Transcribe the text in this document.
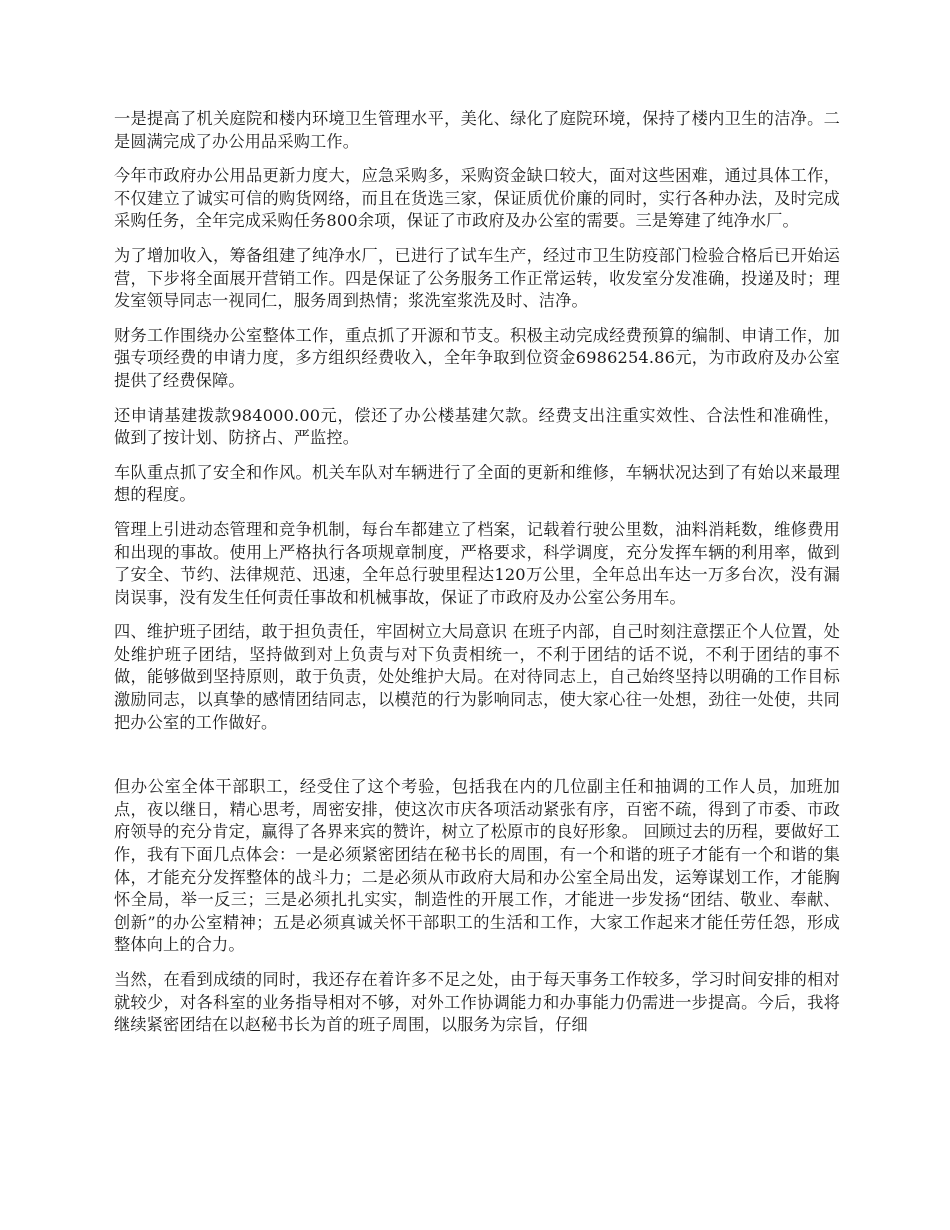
一是提高了机关庭院和楼内环境卫生管理水平，美化、绿化了庭院环境，保持了楼内卫生的洁净。二是圆满完成了办公用品采购工作。

今年市政府办公用品更新力度大，应急采购多，采购资金缺口较大，面对这些困难，通过具体工作，不仅建立了诚实可信的购货网络，而且在货选三家，保证质优价廉的同时，实行各种办法，及时完成采购任务，全年完成采购任务800余项，保证了市政府及办公室的需要。三是筹建了纯净水厂。

为了增加收入，筹备组建了纯净水厂，已进行了试车生产，经过市卫生防疫部门检验合格后已开始运营，下步将全面展开营销工作。四是保证了公务服务工作正常运转，收发室分发准确，投递及时；理发室领导同志一视同仁，服务周到热情；浆洗室浆洗及时、洁净。

财务工作围绕办公室整体工作，重点抓了开源和节支。积极主动完成经费预算的编制、申请工作，加强专项经费的申请力度，多方组织经费收入，全年争取到位资金6986254.86元，为市政府及办公室提供了经费保障。

还申请基建拨款984000.00元，偿还了办公楼基建欠款。经费支出注重实效性、合法性和准确性，做到了按计划、防挤占、严监控。

车队重点抓了安全和作风。机关车队对车辆进行了全面的更新和维修，车辆状况达到了有始以来最理想的程度。

管理上引进动态管理和竞争机制，每台车都建立了档案，记载着行驶公里数，油料消耗数，维修费用和出现的事故。使用上严格执行各项规章制度，严格要求，科学调度，充分发挥车辆的利用率，做到了安全、节约、法律规范、迅速，全年总行驶里程达120万公里，全年总出车达一万多台次，没有漏岗误事，没有发生任何责任事故和机械事故，保证了市政府及办公室公务用车。

四、维护班子团结，敢于担负责任，牢固树立大局意识 在班子内部，自己时刻注意摆正个人位置，处处维护班子团结，坚持做到对上负责与对下负责相统一，不利于团结的话不说，不利于团结的事不做，能够做到坚持原则，敢于负责，处处维护大局。在对待同志上，自己始终坚持以明确的工作目标激励同志，以真挚的感情团结同志，以模范的行为影响同志，使大家心往一处想，劲往一处使，共同把办公室的工作做好。

但办公室全体干部职工，经受住了这个考验，包括我在内的几位副主任和抽调的工作人员，加班加点，夜以继日，精心思考，周密安排，使这次市庆各项活动紧张有序，百密不疏，得到了市委、市政府领导的充分肯定，赢得了各界来宾的赞许，树立了松原市的良好形象。 回顾过去的历程，要做好工作，我有下面几点体会：一是必须紧密团结在秘书长的周围，有一个和谐的班子才能有一个和谐的集体，才能充分发挥整体的战斗力；二是必须从市政府大局和办公室全局出发，运筹谋划工作，才能胸怀全局，举一反三；三是必须扎扎实实，制造性的开展工作，才能进一步发扬“团结、敬业、奉献、创新”的办公室精神；五是必须真诚关怀干部职工的生活和工作，大家工作起来才能任劳任怨，形成整体向上的合力。

当然，在看到成绩的同时，我还存在着许多不足之处，由于每天事务工作较多，学习时间安排的相对就较少，对各科室的业务指导相对不够，对外工作协调能力和办事能力仍需进一步提高。今后，我将继续紧密团结在以赵秘书长为首的班子周围，以服务为宗旨，仔细
